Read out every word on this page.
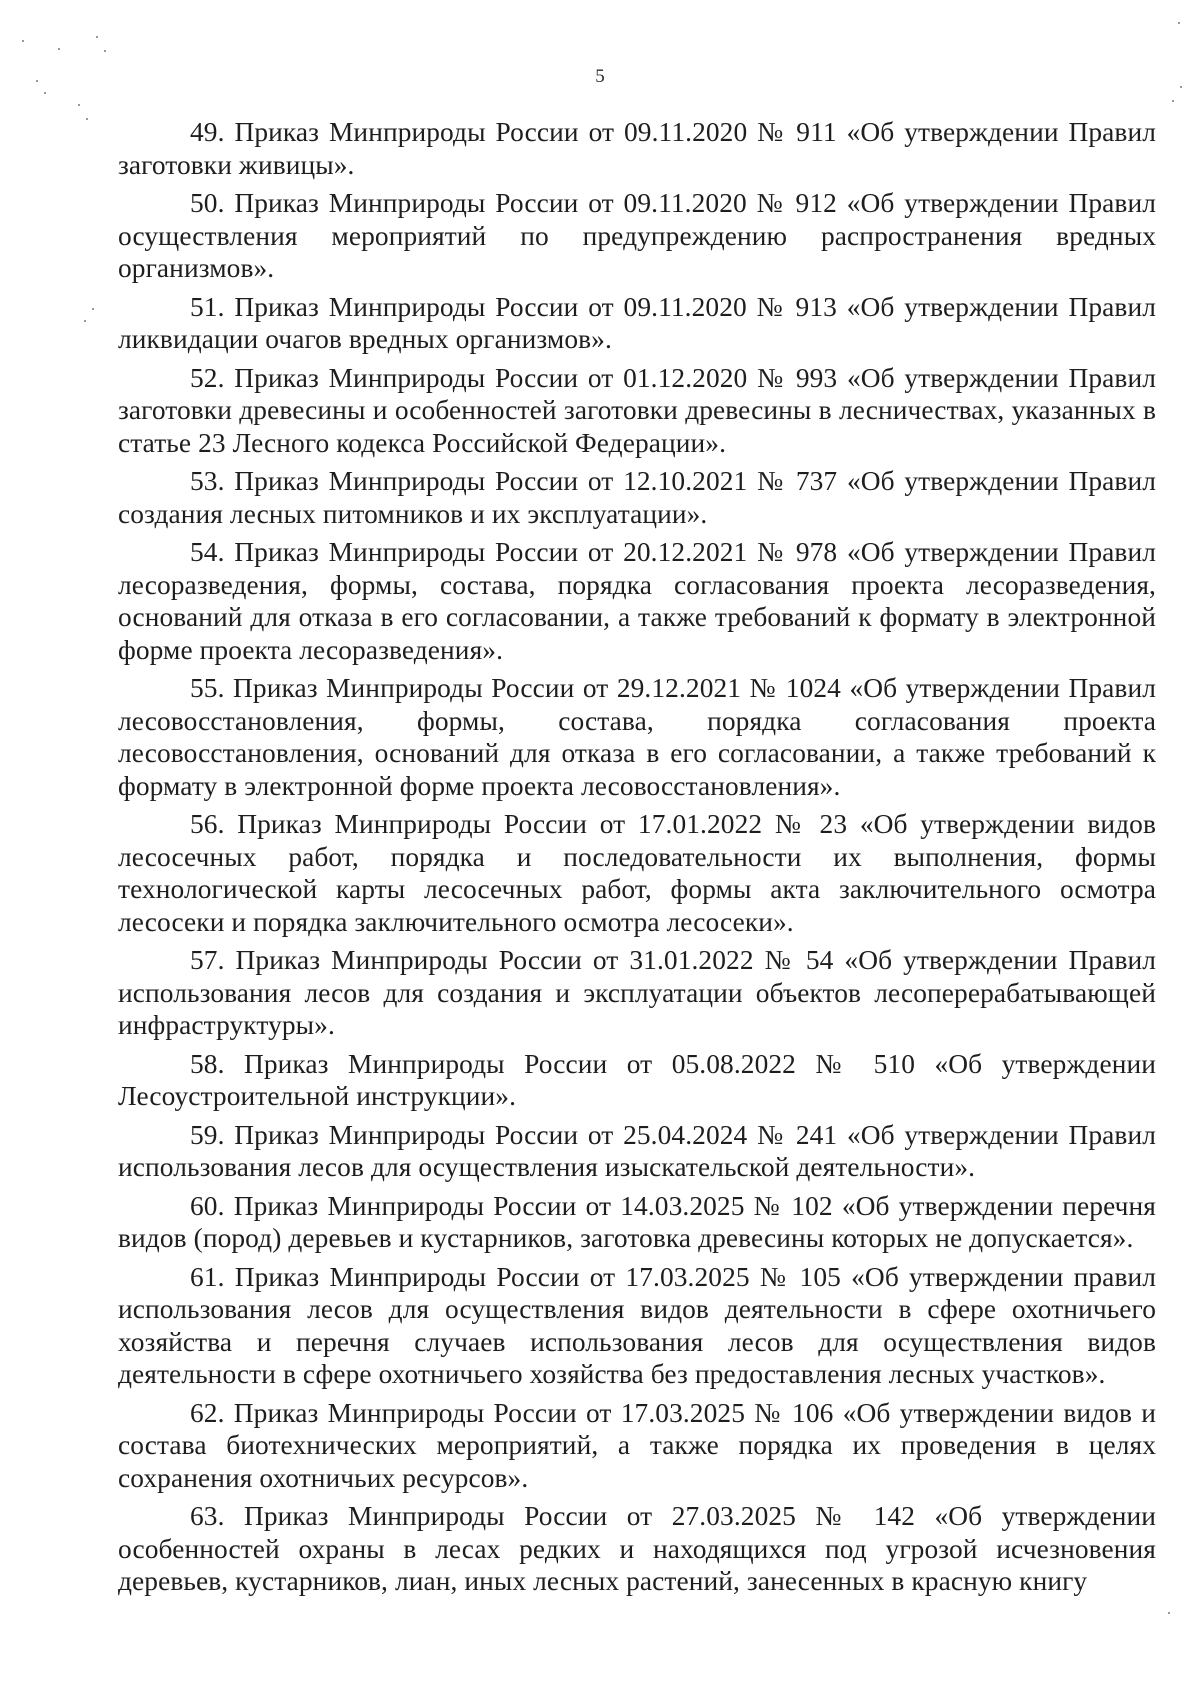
5

49. Приказ Минприроды России от 09.11.2020 № 911 «Об утверждении Правил заготовки живицы».

50. Приказ Минприроды России от 09.11.2020 № 912 «Об утверждении Правил осуществления мероприятий по предупреждению распространения вредных организмов».

51. Приказ Минприроды России от 09.11.2020 № 913 «Об утверждении Правил ликвидации очагов вредных организмов».

52. Приказ Минприроды России от 01.12.2020 № 993 «Об утверждении Правил заготовки древесины и особенностей заготовки древесины в лесничествах, указанных в статье 23 Лесного кодекса Российской Федерации».

53. Приказ Минприроды России от 12.10.2021 № 737 «Об утверждении Правил создания лесных питомников и их эксплуатации».

54. Приказ Минприроды России от 20.12.2021 № 978 «Об утверждении Правил лесоразведения, формы, состава, порядка согласования проекта лесоразведения, оснований для отказа в его согласовании, а также требований к формату в электронной форме проекта лесоразведения».

55. Приказ Минприроды России от 29.12.2021 № 1024 «Об утверждении Правил лесовосстановления, формы, состава, порядка согласования проекта лесовосстановления, оснований для отказа в его согласовании, а также требований к формату в электронной форме проекта лесовосстановления».

56. Приказ Минприроды России от 17.01.2022 № 23 «Об утверждении видов лесосечных работ, порядка и последовательности их выполнения, формы технологической карты лесосечных работ, формы акта заключительного осмотра лесосеки и порядка заключительного осмотра лесосеки».

57. Приказ Минприроды России от 31.01.2022 № 54 «Об утверждении Правил использования лесов для создания и эксплуатации объектов лесоперерабатывающей инфраструктуры».

58. Приказ Минприроды России от 05.08.2022 № 510 «Об утверждении Лесоустроительной инструкции».

59. Приказ Минприроды России от 25.04.2024 № 241 «Об утверждении Правил использования лесов для осуществления изыскательской деятельности».

60. Приказ Минприроды России от 14.03.2025 № 102 «Об утверждении перечня видов (пород) деревьев и кустарников, заготовка древесины которых не допускается».

61. Приказ Минприроды России от 17.03.2025 № 105 «Об утверждении правил использования лесов для осуществления видов деятельности в сфере охотничьего хозяйства и перечня случаев использования лесов для осуществления видов деятельности в сфере охотничьего хозяйства без предоставления лесных участков».

62. Приказ Минприроды России от 17.03.2025 № 106 «Об утверждении видов и состава биотехнических мероприятий, а также порядка их проведения в целях сохранения охотничьих ресурсов».

63. Приказ Минприроды России от 27.03.2025 № 142 «Об утверждении особенностей охраны в лесах редких и находящихся под угрозой исчезновения деревьев, кустарников, лиан, иных лесных растений, занесенных в красную книгу
